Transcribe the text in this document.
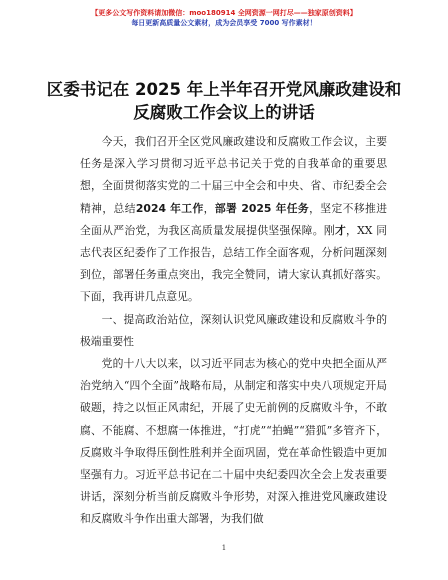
【更多公文写作资料请加微信：moo180914 全网资源一网打尽——独家原创资料】
每日更新高质量公文素材，成为会员享受 7000 写作素材！
区委书记在 2025 年上半年召开党风廉政建设和
反腐败工作会议上的讲话

今天，我们召开全区党风廉政建设和反腐败工作会议，主要任务是深入学习贯彻习近平总书记关于党的自我革命的重要思想，全面贯彻落实党的二十届三中全会和中央、省、市纪委全会精神，总结2024 年工作，部署 2025 年任务，坚定不移推进全面从严治党，为我区高质量发展提供坚强保障。刚才，XX 同志代表区纪委作了工作报告，总结工作全面客观，分析问题深刻到位，部署任务重点突出，我完全赞同，请大家认真抓好落实。下面，我再讲几点意见。

一、提高政治站位，深刻认识党风廉政建设和反腐败斗争的极端重要性

党的十八大以来，以习近平同志为核心的党中央把全面从严治党纳入“四个全面”战略布局，从制定和落实中央八项规定开局破题，持之以恒正风肃纪，开展了史无前例的反腐败斗争，不敢腐、不能腐、不想腐一体推进，“打虎”“拍蝇”“猎狐”多管齐下，反腐败斗争取得压倒性胜利并全面巩固，党在革命性锻造中更加坚强有力。习近平总书记在二十届中央纪委四次全会上发表重要讲话，深刻分析当前反腐败斗争形势，对深入推进党风廉政建设和反腐败斗争作出重大部署，为我们做

1
